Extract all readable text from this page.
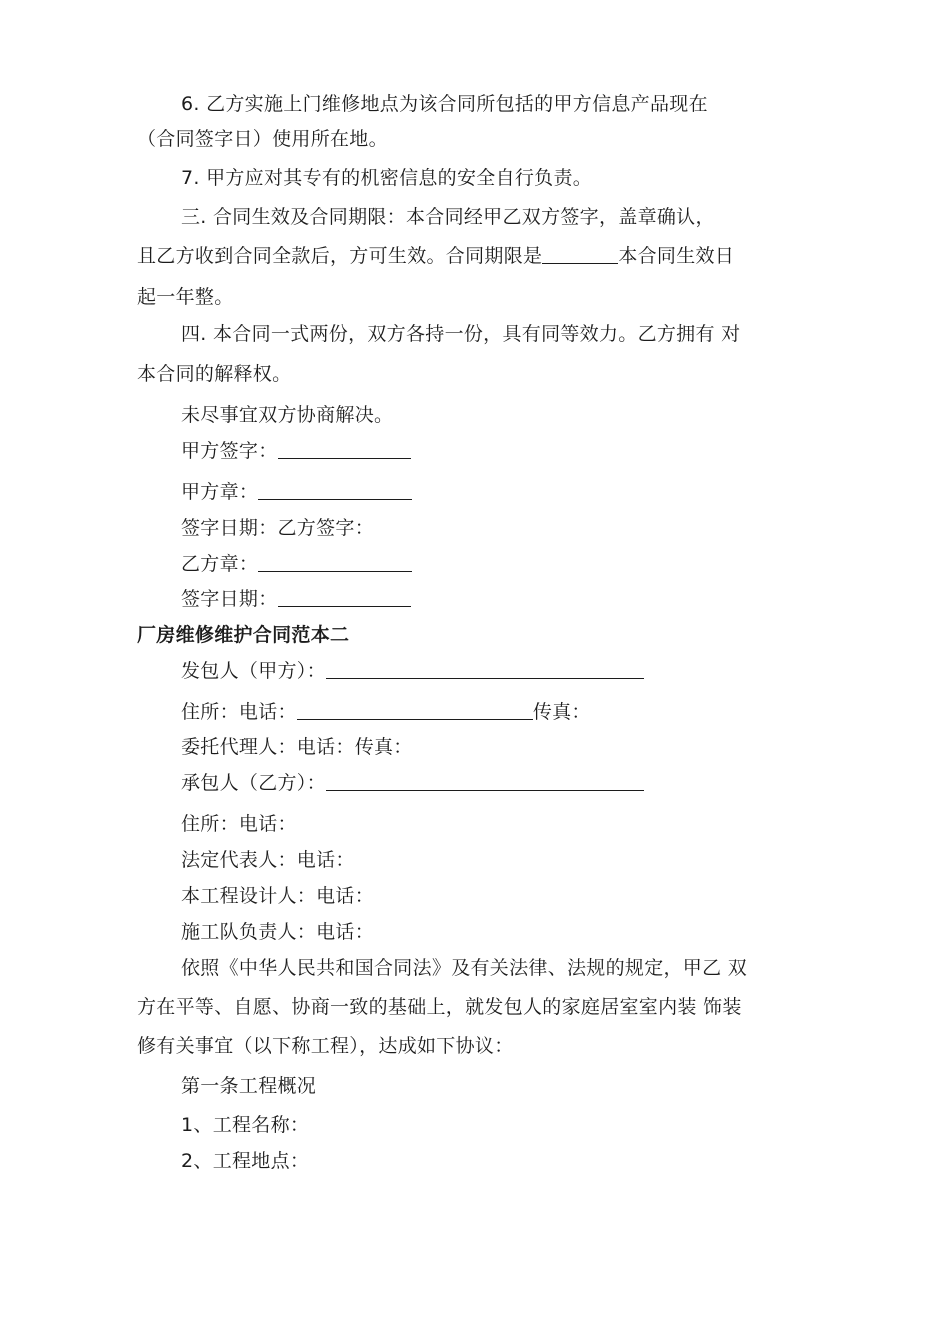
6. 乙方实施上门维修地点为该合同所包括的甲方信息产品现在
（合同签字日）使用所在地。
7. 甲方应对其专有的机密信息的安全自行负责。
三. 合同生效及合同期限：本合同经甲乙双方签字，盖章确认，
且乙方收到合同全款后，方可生效。合同期限是	本合同生效日
起一年整。
四. 本合同一式两份，双方各持一份，具有同等效力。乙方拥有 对
本合同的解释权。
未尽事宜双方协商解决。
甲方签字：
甲方章：
签字日期：乙方签字：
乙方章：
签字日期：
厂房维修维护合同范本二
发包人（甲方）：
住所：电话：	传真：
委托代理人：电话：传真：
承包人（乙方）：
住所：电话：
法定代表人：电话：
本工程设计人：电话：
施工队负责人：电话：
依照《中华人民共和国合同法》及有关法律、法规的规定，甲乙 双
方在平等、自愿、协商一致的基础上，就发包人的家庭居室室内装 饰装
修有关事宜（以下称工程），达成如下协议：
第一条工程概况
1、工程名称：
2、工程地点：
